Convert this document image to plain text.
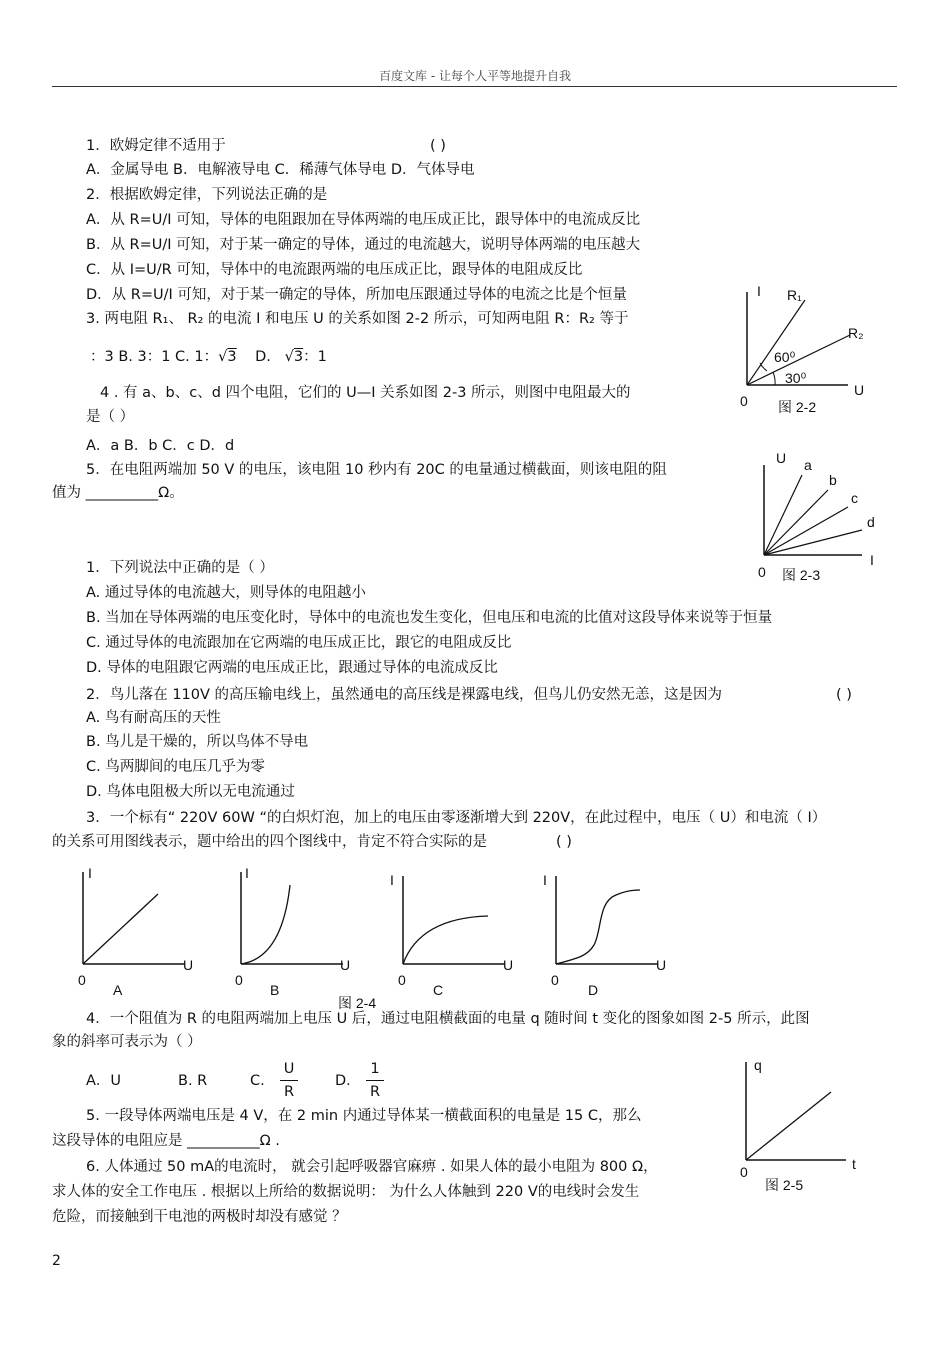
百度文库 - 让每个人平等地提升自我
1．欧姆定律不适用于	( )
A．金属导电 B．电解液导电 C．稀薄气体导电 D．气体导电
2．根据欧姆定律，下列说法正确的是
A．从 R=U/I 可知，导体的电阻跟加在导体两端的电压成正比，跟导体中的电流成反比
B．从 R=U/I 可知，对于某一确定的导体，通过的电流越大，说明导体两端的电压越大
C．从 I=U/R 可知，导体中的电流跟两端的电压成正比，跟导体的电阻成反比
D．从 R=U/I 可知，对于某一确定的导体，所加电压跟通过导体的电流之比是个恒量
3. 两电阻 R₁、 R₂ 的电流 I 和电压 U 的关系如图 2-2 所示，可知两电阻 R：R₂ 等于
：3 B. 3：1 C. 1：√3 D. √3：1
4 . 有 a、b、c、d 四个电阻，它们的 U—I 关系如图 2-3 所示，则图中电阻最大的
是（ ）
A．a B．b C．c D．d
5．在电阻两端加 50 V 的电压，该电阻 10 秒内有 20C 的电量通过横截面，则该电阻的阻
值为 __________Ω。
I
U
0
R₁
R₂
60⁰
30⁰
图 2-2
U
I
0
a
b
c
d
图 2-3
1．下列说法中正确的是（ ）
A. 通过导体的电流越大，则导体的电阻越小
B. 当加在导体两端的电压变化时，导体中的电流也发生变化，但电压和电流的比值对这段导体来说等于恒量
C. 通过导体的电流跟加在它两端的电压成正比，跟它的电阻成反比
D. 导体的电阻跟它两端的电压成正比，跟通过导体的电流成反比
2．鸟儿落在 110V 的高压输电线上，虽然通电的高压线是裸露电线，但鸟儿仍安然无恙，这是因为	( )
A. 鸟有耐高压的天性
B. 鸟儿是干燥的，所以鸟体不导电
C. 鸟两脚间的电压几乎为零
D. 鸟体电阻极大所以无电流通过
3．一个标有“ 220V 60W “的白炽灯泡，加上的电压由零逐渐增大到 220V，在此过程中，电压（ U）和电流（ I）
的关系可用图线表示，题中给出的四个图线中，肯定不符合实际的是	( )
I
U
0
A
I
U
0
B
I
U
0
C
I
U
0
D
图 2-4
4．一个阻值为 R 的电阻两端加上电压 U 后，通过电阻横截面的电量 q 随时间 t 变化的图象如图 2-5 所示，此图
象的斜率可表示为（ ）
A．U	B. R	C.
U
R
D．
1
R
5. 一段导体两端电压是 4 V，在 2 min 内通过导体某一横截面积的电量是 15 C，那么
这段导体的电阻应是 __________Ω .
6. 人体通过 50 mA的电流时， 就会引起呼吸器官麻痹 . 如果人体的最小电阻为 800 Ω，
求人体的安全工作电压 . 根据以上所给的数据说明： 为什么人体触到 220 V的电线时会发生
危险，而接触到干电池的两极时却没有感觉 ？
q
t
0
图 2-5
2
